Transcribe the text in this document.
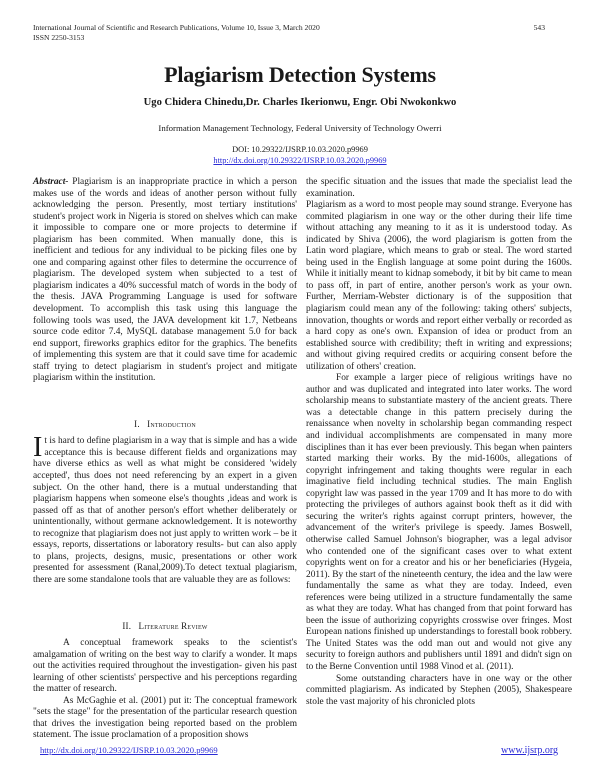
International Journal of Scientific and Research Publications, Volume 10, Issue 3, March 2020
ISSN 2250-3153
543
Plagiarism Detection Systems
Ugo Chidera Chinedu,Dr. Charles Ikerionwu, Engr. Obi Nwokonkwo
Information Management Technology, Federal University of Technology Owerri
DOI: 10.29322/IJSRP.10.03.2020.p9969
http://dx.doi.org/10.29322/IJSRP.10.03.2020.p9969

Abstract- Plagiarism is an inappropriate practice in which a person makes use of the words and ideas of another person without fully acknowledging the person. Presently, most tertiary institutions' student's project work in Nigeria is stored on shelves which can make it impossible to compare one or more projects to determine if plagiarism has been commited. When manually done, this is inefficient and tedious for any individual to be picking files one by one and comparing against other files to determine the occurrence of plagiarism. The developed system when subjected to a test of plagiarism indicates a 40% successful match of words in the body of the thesis. JAVA Programming Language is used for software development. To accomplish this task using this language the following tools was used, the JAVA development kit 1.7, Netbeans source code editor 7.4, MySQL database management 5.0 for back end support, fireworks graphics editor for the graphics. The benefits of implementing this system are that it could save time for academic staff trying to detect plagiarism in student's project and mitigate plagiarism within the institution.

I. Introduction

It is hard to define plagiarism in a way that is simple and has a wide acceptance this is because different fields and organizations may have diverse ethics as well as what might be considered 'widely accepted', thus does not need referencing by an expert in a given subject. On the other hand, there is a mutual understanding that plagiarism happens when someone else's thoughts ,ideas and work is passed off as that of another person's effort whether deliberately or unintentionally, without germane acknowledgement. It is noteworthy to recognize that plagiarism does not just apply to written work – be it essays, reports, dissertations or laboratory results- but can also apply to plans, projects, designs, music, presentations or other work presented for assessment (Ranal,2009).To detect textual plagiarism, there are some standalone tools that are valuable they are as follows:

II. Literature Review

A conceptual framework speaks to the scientist's amalgamation of writing on the best way to clarify a wonder. It maps out the activities required throughout the investigation- given his past learning of other scientists' perspective and his perceptions regarding the matter of research.

As McGaghie et al. (2001) put it: The conceptual framework "sets the stage" for the presentation of the particular research question that drives the investigation being reported based on the problem statement. The issue proclamation of a proposition shows

the specific situation and the issues that made the specialist lead the examination.

Plagiarism as a word to most people may sound strange. Everyone has commited plagiarism in one way or the other during their life time without attaching any meaning to it as it is understood today. As indicated by Shiva (2006), the word plagiarism is gotten from the Latin word plagiare, which means to grab or steal. The word started being used in the English language at some point during the 1600s. While it initially meant to kidnap somebody, it bit by bit came to mean to pass off, in part of entire, another person's work as your own. Further, Merriam-Webster dictionary is of the supposition that plagiarism could mean any of the following: taking others' subjects, innovation, thoughts or words and report either verbally or recorded as a hard copy as one's own. Expansion of idea or product from an established source with credibility; theft in writing and expressions; and without giving required credits or acquiring consent before the utilization of others' creation.

For example a larger piece of religious writings have no author and was duplicated and integrated into later works. The word scholarship means to substantiate mastery of the ancient greats. There was a detectable change in this pattern precisely during the renaissance when novelty in scholarship began commanding respect and individual accomplishments are compensated in many more disciplines than it has ever been previously. This began when painters started marking their works. By the mid-1600s, allegations of copyright infringement and taking thoughts were regular in each imaginative field including technical studies. The main English copyright law was passed in the year 1709 and It has more to do with protecting the privileges of authors against book theft as it did with securing the writer's rights against corrupt printers, however, the advancement of the writer's privilege is speedy. James Boswell, otherwise called Samuel Johnson's biographer, was a legal advisor who contended one of the significant cases over to what extent copyrights went on for a creator and his or her beneficiaries (Hygeia, 2011). By the start of the nineteenth century, the idea and the law were fundamentally the same as what they are today. Indeed, even references were being utilized in a structure fundamentally the same as what they are today. What has changed from that point forward has been the issue of authorizing copyrights crosswise over fringes. Most European nations finished up understandings to forestall book robbery. The United States was the odd man out and would not give any security to foreign authors and publishers until 1891 and didn't sign on to the Berne Convention until 1988 Vinod et al. (2011).

Some outstanding characters have in one way or the other committed plagiarism. As indicated by Stephen (2005), Shakespeare stole the vast majority of his chronicled plots

http://dx.doi.org/10.29322/IJSRP.10.03.2020.p9969	www.ijsrp.org
